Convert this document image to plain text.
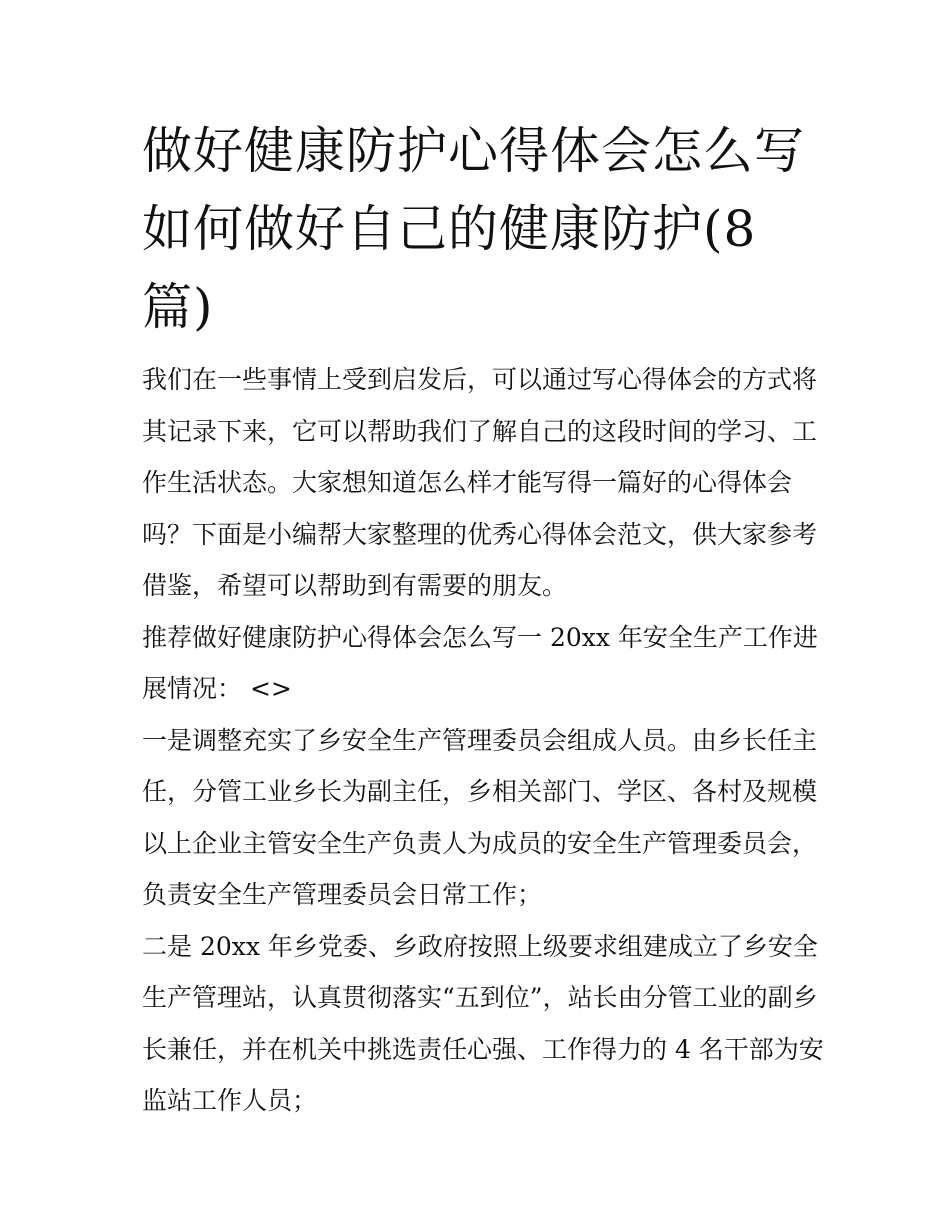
做好健康防护心得体会怎么写
如何做好自己的健康防护(8
篇)

我们在一些事情上受到启发后，可以通过写心得体会的方式将
其记录下来，它可以帮助我们了解自己的这段时间的学习、工
作生活状态。大家想知道怎么样才能写得一篇好的心得体会
吗？下面是小编帮大家整理的优秀心得体会范文，供大家参考
借鉴，希望可以帮助到有需要的朋友。

推荐做好健康防护心得体会怎么写一 20xx 年安全生产工作进
展情况： <>

一是调整充实了乡安全生产管理委员会组成人员。由乡长任主
任，分管工业乡长为副主任，乡相关部门、学区、各村及规模
以上企业主管安全生产负责人为成员的安全生产管理委员会，
负责安全生产管理委员会日常工作；

二是 20xx 年乡党委、乡政府按照上级要求组建成立了乡安全
生产管理站，认真贯彻落实“五到位”，站长由分管工业的副乡
长兼任，并在机关中挑选责任心强、工作得力的 4 名干部为安
监站工作人员；
